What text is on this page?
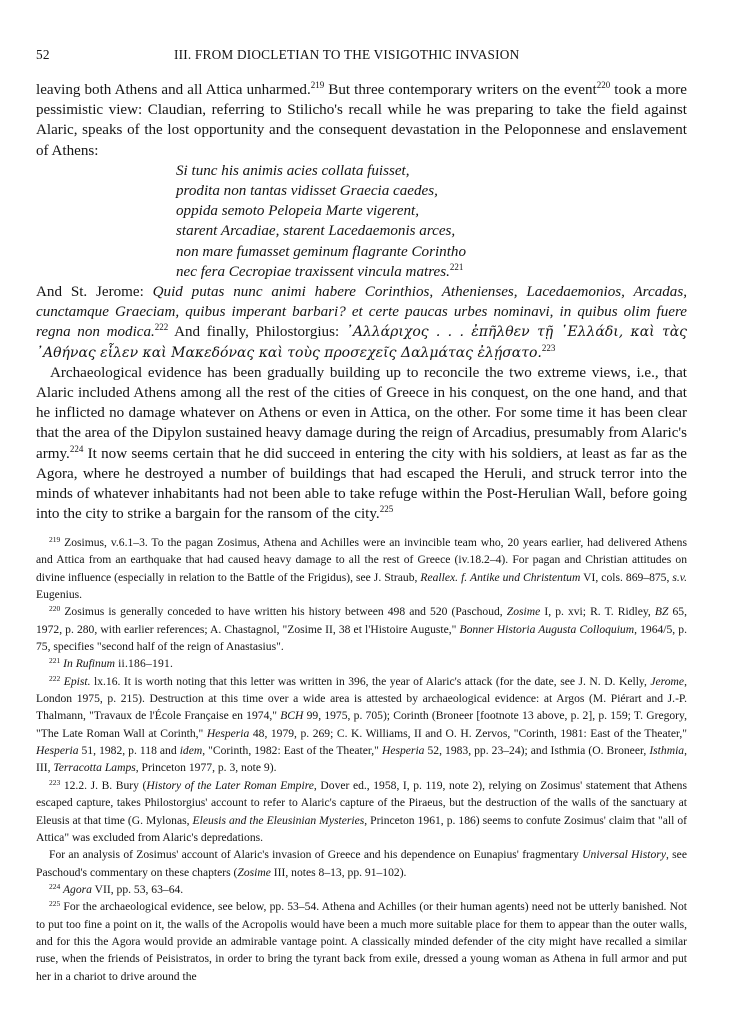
52	III. FROM DIOCLETIAN TO THE VISIGOTHIC INVASION

leaving both Athens and all Attica unharmed.$^{219}$ But three contemporary writers on the event$^{220}$ took a more pessimistic view: Claudian, referring to Stilicho's recall while he was preparing to take the field against Alaric, speaks of the lost opportunity and the consequent devastation in the Peloponnese and enslavement of Athens:

Si tunc his animis acies collata fuisset,
prodita non tantas vidisset Graecia caedes,
oppida semoto Pelopeia Marte vigerent,
starent Arcadiae, starent Lacedaemonis arces,
non mare fumasset geminum flagrante Corintho
nec fera Cecropiae traxissent vincula matres.$^{221}$

And St. Jerome: Quid putas nunc animi habere Corinthios, Athenienses, Lacedaemonios, Arcadas, cunctamque Graeciam, quibus imperant barbari? et certe paucas urbes nominavi, in quibus olim fuere regna non modica.$^{222}$ And finally, Philostorgius: ᾽Αλλάριχος . . . ἐπῆλθεν τῇ ῾Ελλάδι, καὶ τὰς ᾽Αθήνας εἷλεν καὶ Μακεδόνας καὶ τοὺς προσεχεῖς Δαλμάτας ἐλῄσατο.$^{223}$

Archaeological evidence has been gradually building up to reconcile the two extreme views, i.e., that Alaric included Athens among all the rest of the cities of Greece in his conquest, on the one hand, and that he inflicted no damage whatever on Athens or even in Attica, on the other. For some time it has been clear that the area of the Dipylon sustained heavy damage during the reign of Arcadius, presumably from Alaric's army.$^{224}$ It now seems certain that he did succeed in entering the city with his soldiers, at least as far as the Agora, where he destroyed a number of buildings that had escaped the Heruli, and struck terror into the minds of whatever inhabitants had not been able to take refuge within the Post-Herulian Wall, before going into the city to strike a bargain for the ransom of the city.$^{225}$

$^{219}$ Zosimus, v.6.1–3. To the pagan Zosimus, Athena and Achilles were an invincible team who, 20 years earlier, had delivered Athens and Attica from an earthquake that had caused heavy damage to all the rest of Greece (iv.18.2–4). For pagan and Christian attitudes on divine influence (especially in relation to the Battle of the Frigidus), see J. Straub, Reallex. f. Antike und Christentum VI, cols. 869–875, s.v. Eugenius.

$^{220}$ Zosimus is generally conceded to have written his history between 498 and 520 (Paschoud, Zosime I, p. xvi; R. T. Ridley, BZ 65, 1972, p. 280, with earlier references; A. Chastagnol, "Zosime II, 38 et l'Histoire Auguste," Bonner Historia Augusta Colloquium, 1964/5, p. 75, specifies "second half of the reign of Anastasius".

$^{221}$ In Rufinum ii.186–191.

$^{222}$ Epist. lx.16. It is worth noting that this letter was written in 396, the year of Alaric's attack (for the date, see J. N. D. Kelly, Jerome, London 1975, p. 215). Destruction at this time over a wide area is attested by archaeological evidence: at Argos (M. Piérart and J.-P. Thalmann, "Travaux de l'École Française en 1974," BCH 99, 1975, p. 705); Corinth (Broneer [footnote 13 above, p. 2], p. 159; T. Gregory, "The Late Roman Wall at Corinth," Hesperia 48, 1979, p. 269; C. K. Williams, II and O. H. Zervos, "Corinth, 1981: East of the Theater," Hesperia 51, 1982, p. 118 and idem, "Corinth, 1982: East of the Theater," Hesperia 52, 1983, pp. 23–24); and Isthmia (O. Broneer, Isthmia, III, Terracotta Lamps, Princeton 1977, p. 3, note 9).

$^{223}$ 12.2. J. B. Bury (History of the Later Roman Empire, Dover ed., 1958, I, p. 119, note 2), relying on Zosimus' statement that Athens escaped capture, takes Philostorgius' account to refer to Alaric's capture of the Piraeus, but the destruction of the walls of the sanctuary at Eleusis at that time (G. Mylonas, Eleusis and the Eleusinian Mysteries, Princeton 1961, p. 186) seems to confute Zosimus' claim that "all of Attica" was excluded from Alaric's depredations.

For an analysis of Zosimus' account of Alaric's invasion of Greece and his dependence on Eunapius' fragmentary Universal History, see Paschoud's commentary on these chapters (Zosime III, notes 8–13, pp. 91–102).

$^{224}$ Agora VII, pp. 53, 63–64.

$^{225}$ For the archaeological evidence, see below, pp. 53–54. Athena and Achilles (or their human agents) need not be utterly banished. Not to put too fine a point on it, the walls of the Acropolis would have been a much more suitable place for them to appear than the outer walls, and for this the Agora would provide an admirable vantage point. A classically minded defender of the city might have recalled a similar ruse, when the friends of Peisistratos, in order to bring the tyrant back from exile, dressed a young woman as Athena in full armor and put her in a chariot to drive around the
